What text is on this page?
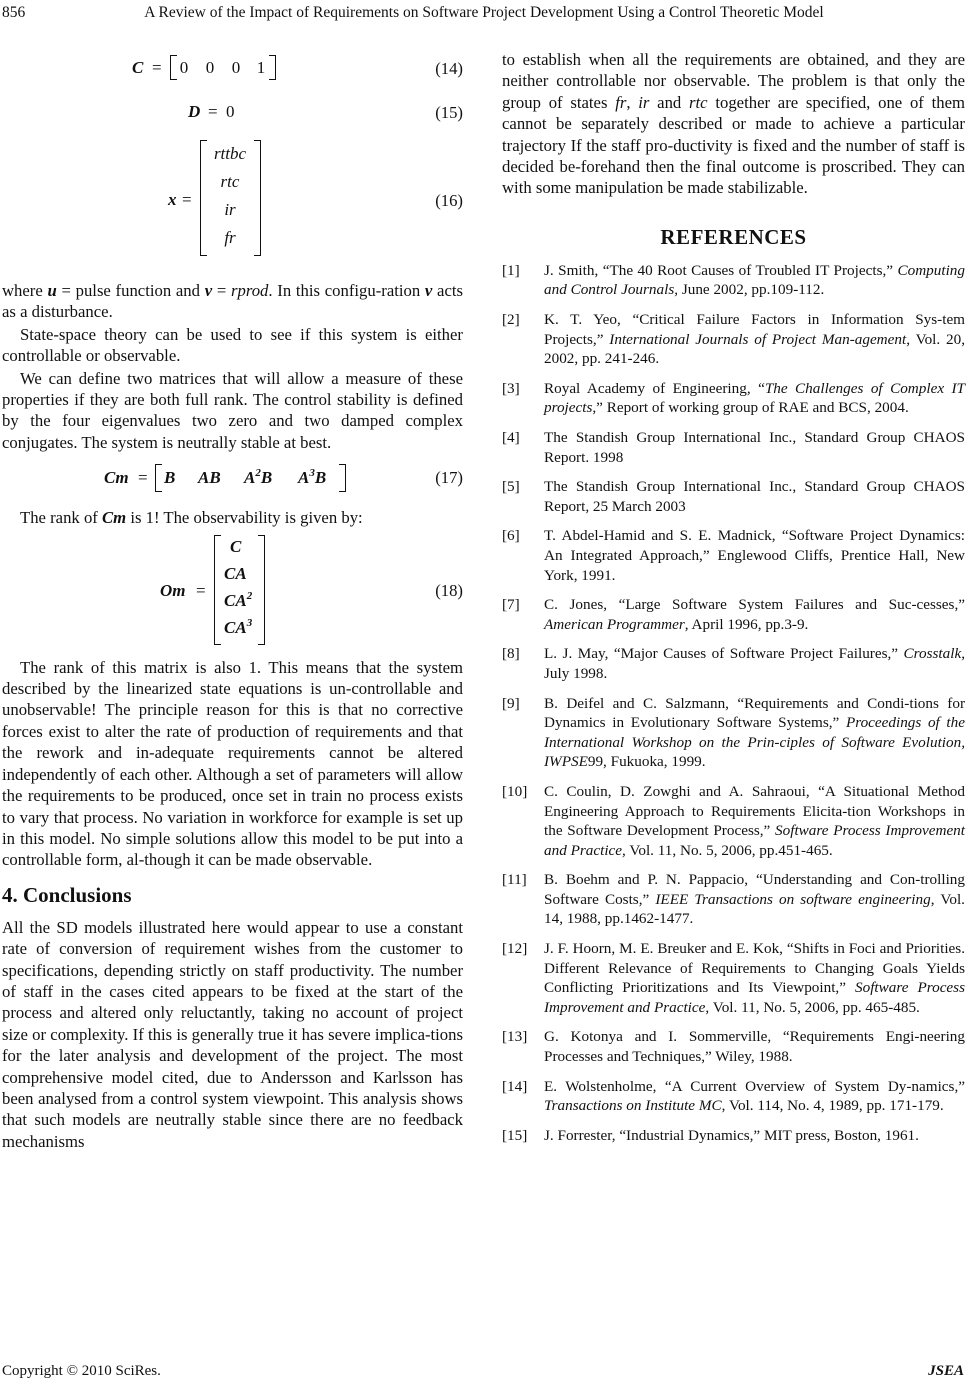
856	A Review of the Impact of Requirements on Software Project Development Using a Control Theoretic Model
C = 0 0 0 1	(14)
D = 0	(15)
x =
rttbc
rtc
ir
fr
(16)

where u = pulse function and v = rprod. In this configu-ration v acts as a disturbance.

State-space theory can be used to see if this system is either controllable or observable.

We can define two matrices that will allow a measure of these properties if they are both full rank. The control stability is defined by the four eigenvalues two zero and two damped complex conjugates. The system is neutrally stable at best.

Cm = B AB $A^2B$ $A^3B$	(17)

The rank of Cm is 1! The observability is given by:

Om =
C
CA
$CA^2$
$CA^3$
(18)

The rank of this matrix is also 1. This means that the system described by the linearized state equations is un-controllable and unobservable! The principle reason for this is that no corrective forces exist to alter the rate of production of requirements and that the rework and in-adequate requirements cannot be altered independently of each other. Although a set of parameters will allow the requirements to be produced, once set in train no process exists to vary that process. No variation in workforce for example is set up in this model. No simple solutions allow this model to be put into a controllable form, al-though it can be made observable.

4. Conclusions

All the SD models illustrated here would appear to use a constant rate of conversion of requirement wishes from the customer to specifications, depending strictly on staff productivity. The number of staff in the cases cited appears to be fixed at the start of the process and altered only reluctantly, taking no account of project size or complexity. If this is generally true it has severe implica-tions for the later analysis and development of the project. The most comprehensive model cited, due to Andersson and Karlsson has been analysed from a control system viewpoint. This analysis shows that such models are neutrally stable since there are no feedback mechanisms

to establish when all the requirements are obtained, and they are neither controllable nor observable. The problem is that only the group of states fr, ir and rtc together are specified, one of them cannot be separately described or made to achieve a particular trajectory If the staff pro-ductivity is fixed and the number of staff is decided be-forehand then the final outcome is proscribed. They can with some manipulation be made stabilizable.

REFERENCES
[1] J. Smith, “The 40 Root Causes of Troubled IT Projects,” Computing and Control Journals, June 2002, pp.109-112.
[2] K. T. Yeo, “Critical Failure Factors in Information Sys-tem Projects,” International Journals of Project Man-agement, Vol. 20, 2002, pp. 241-246.
[3] Royal Academy of Engineering, “The Challenges of Complex IT projects,” Report of working group of RAE and BCS, 2004.
[4] The Standish Group International Inc., Standard Group CHAOS Report. 1998
[5] The Standish Group International Inc., Standard Group CHAOS Report, 25 March 2003
[6] T. Abdel-Hamid and S. E. Madnick, “Software Project Dynamics: An Integrated Approach,” Englewood Cliffs, Prentice Hall, New York, 1991.
[7] C. Jones, “Large Software System Failures and Suc-cesses,” American Programmer, April 1996, pp.3-9.
[8] L. J. May, “Major Causes of Software Project Failures,” Crosstalk, July 1998.
[9] B. Deifel and C. Salzmann, “Requirements and Condi-tions for Dynamics in Evolutionary Software Systems,” Proceedings of the International Workshop on the Prin-ciples of Software Evolution, IWPSE99, Fukuoka, 1999.
[10] C. Coulin, D. Zowghi and A. Sahraoui, “A Situational Method Engineering Approach to Requirements Elicita-tion Workshops in the Software Development Process,” Software Process Improvement and Practice, Vol. 11, No. 5, 2006, pp.451-465.
[11] B. Boehm and P. N. Pappacio, “Understanding and Con-trolling Software Costs,” IEEE Transactions on software engineering, Vol. 14, 1988, pp.1462-1477.
[12] J. F. Hoorn, M. E. Breuker and E. Kok, “Shifts in Foci and Priorities. Different Relevance of Requirements to Changing Goals Yields Conflicting Prioritizations and Its Viewpoint,” Software Process Improvement and Practice, Vol. 11, No. 5, 2006, pp. 465-485.
[13] G. Kotonya and I. Sommerville, “Requirements Engi-neering Processes and Techniques,” Wiley, 1988.
[14] E. Wolstenholme, “A Current Overview of System Dy-namics,” Transactions on Institute MC, Vol. 114, No. 4, 1989, pp. 171-179.
[15] J. Forrester, “Industrial Dynamics,” MIT press, Boston, 1961.
Copyright © 2010 SciRes.	JSEA
